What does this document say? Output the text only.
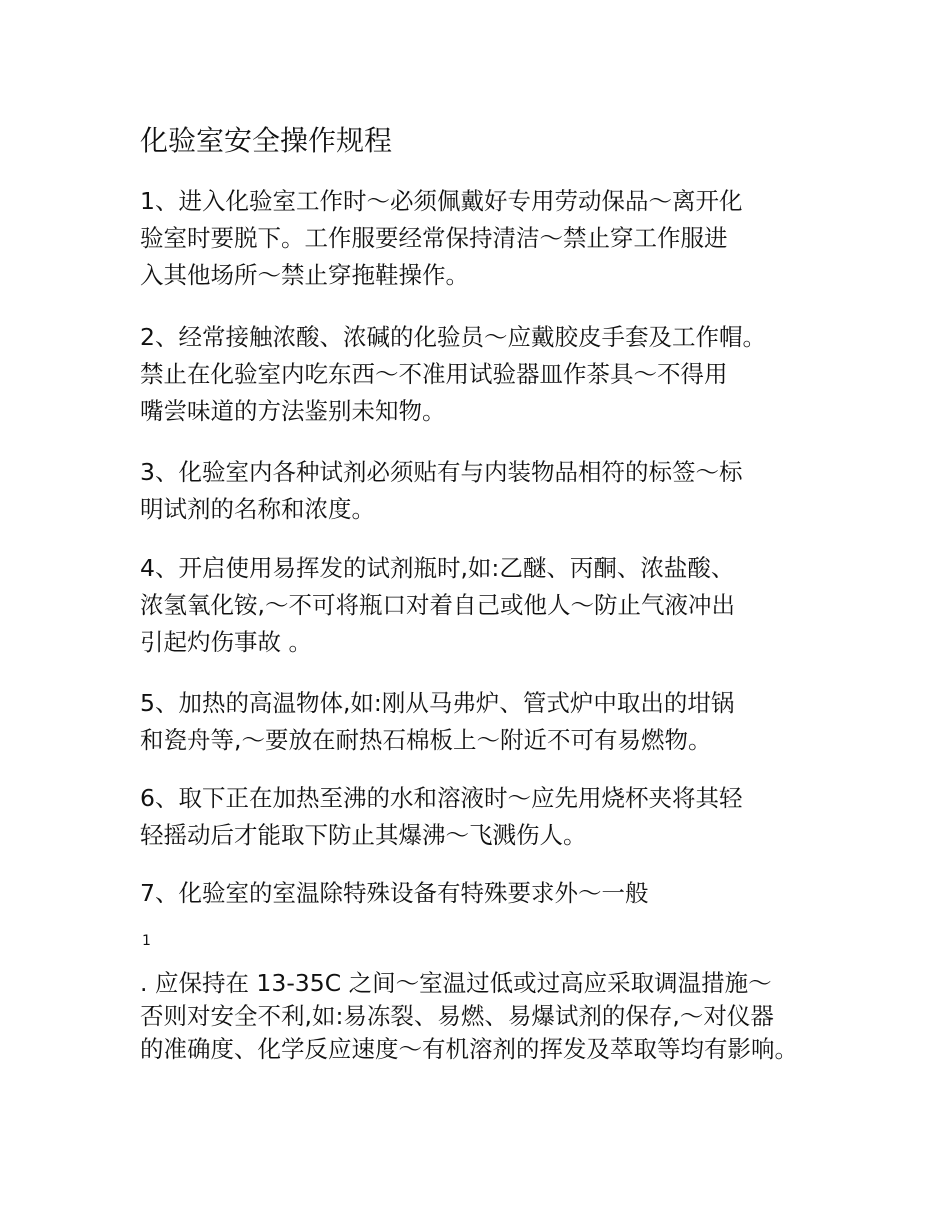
化验室安全操作规程

1、进入化验室工作时～必须佩戴好专用劳动保品～离开化
验室时要脱下。工作服要经常保持清洁～禁止穿工作服进
入其他场所～禁止穿拖鞋操作。

2、经常接触浓酸、浓碱的化验员～应戴胶皮手套及工作帽。
禁止在化验室内吃东西～不准用试验器皿作茶具～不得用
嘴尝味道的方法鉴别未知物。

3、化验室内各种试剂必须贴有与内装物品相符的标签～标
明试剂的名称和浓度。

4、开启使用易挥发的试剂瓶时,如:乙醚、丙酮、浓盐酸、
浓氢氧化铵,～不可将瓶口对着自己或他人～防止气液冲出
引起灼伤事故 。

5、加热的高温物体,如:刚从马弗炉、管式炉中取出的坩锅
和瓷舟等,～要放在耐热石棉板上～附近不可有易燃物。

6、取下正在加热至沸的水和溶液时～应先用烧杯夹将其轻
轻摇动后才能取下防止其爆沸～飞溅伤人。

7、化验室的室温除特殊设备有特殊要求外～一般

1

. 应保持在 13-35C 之间～室温过低或过高应采取调温措施～
否则对安全不利,如:易冻裂、易燃、易爆试剂的保存,～对仪器
的准确度、化学反应速度～有机溶剂的挥发及萃取等均有影响。
